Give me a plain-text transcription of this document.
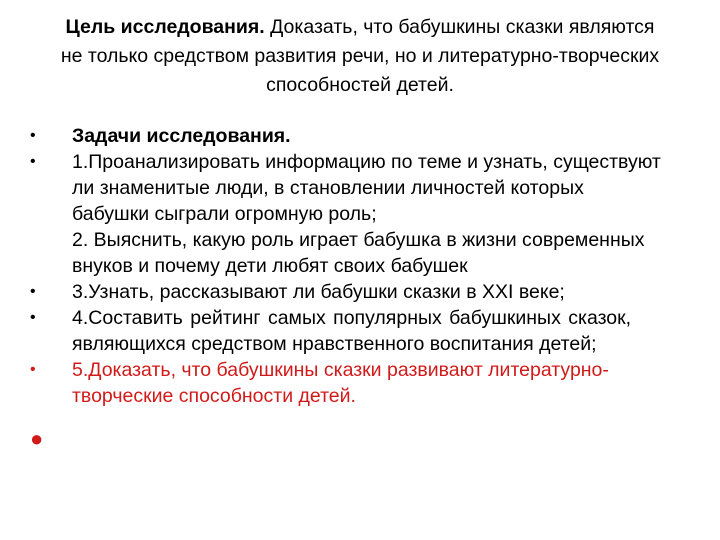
Цель исследования. Доказать, что бабушкины сказки являются
не только средством развития речи, но и литературно-творческих
способностей детей.
•	Задачи исследования.
•	1.Проанализировать информацию по теме и узнать, существуют
ли знаменитые люди, в становлении личностей которых
бабушки сыграли огромную роль;
2. Выяснить, какую роль играет бабушка в жизни современных
внуков и почему дети любят своих бабушек
•	3.Узнать, рассказывают ли бабушки сказки в XXI веке;
•	4.Составить рейтинг самых популярных бабушкиных сказок,
являющихся средством нравственного воспитания детей;
•	5.Доказать, что бабушкины сказки развивают литературно-
творческие способности детей.
●
